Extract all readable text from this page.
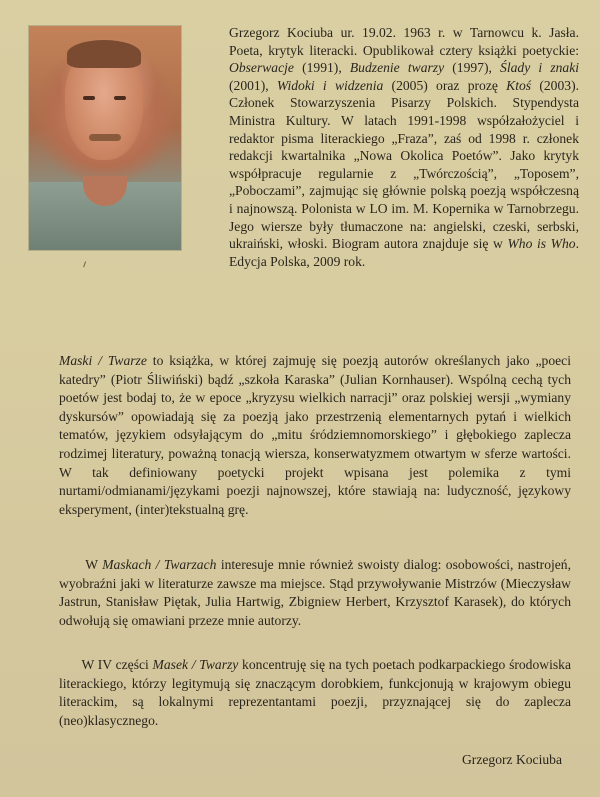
Grzegorz Kociuba ur. 19.02. 1963 r. w Tarnowcu k. Jasła. Poeta, krytyk literacki. Opublikował cztery książki poetyckie: Obserwacje (1991), Budzenie twarzy (1997), Ślady i znaki (2001), Widoki i widzenia (2005) oraz prozę Ktoś (2003). Członek Stowarzyszenia Pisarzy Polskich. Stypendysta Ministra Kultury. W latach 1991-1998 współzałożyciel i redaktor pisma literackiego „Fraza”, zaś od 1998 r. członek redakcji kwartalnika „Nowa Okolica Poetów”. Jako krytyk współpracuje regularnie z „Twórczością”, „Toposem”, „Poboczami”, zajmując się głównie polską poezją współczesną i najnowszą. Polonista w LO im. M. Kopernika w Tarnobrzegu. Jego wiersze były tłumaczone na: angielski, czeski, serbski, ukraiński, włoski. Biogram autora znajduje się w Who is Who. Edycja Polska, 2009 rok.

Maski / Twarze to książka, w której zajmuję się poezją autorów określanych jako „poeci katedry” (Piotr Śliwiński) bądź „szkoła Karaska” (Julian Kornhauser). Wspólną cechą tych poetów jest bodaj to, że w epoce „kryzysu wielkich narracji” oraz polskiej wersji „wymiany dyskursów” opowiadają się za poezją jako przestrzenią elementarnych pytań i wielkich tematów, językiem odsyłającym do „mitu śródziemnomorskiego” i głębokiego zaplecza rodzimej literatury, poważną tonacją wiersza, konserwatyzmem otwartym w sferze wartości. W tak definiowany poetycki projekt wpisana jest polemika z tymi nurtami/odmianami/językami poezji najnowszej, które stawiają na: ludyczność, językowy eksperyment, (inter)tekstualną grę.

W Maskach / Twarzach interesuje mnie również swoisty dialog: osobowości, nastrojeń, wyobraźni jaki w literaturze zawsze ma miejsce. Stąd przywoływanie Mistrzów (Mieczysław Jastrun, Stanisław Piętak, Julia Hartwig, Zbigniew Herbert, Krzysztof Karasek), do których odwołują się omawiani przeze mnie autorzy.

W IV części Masek / Twarzy koncentruję się na tych poetach podkarpackiego środowiska literackiego, którzy legitymują się znaczącym dorobkiem, funkcjonują w krajowym obiegu literackim, są lokalnymi reprezentantami poezji, przyznającej się do zaplecza (neo)klasycznego.

Grzegorz Kociuba
